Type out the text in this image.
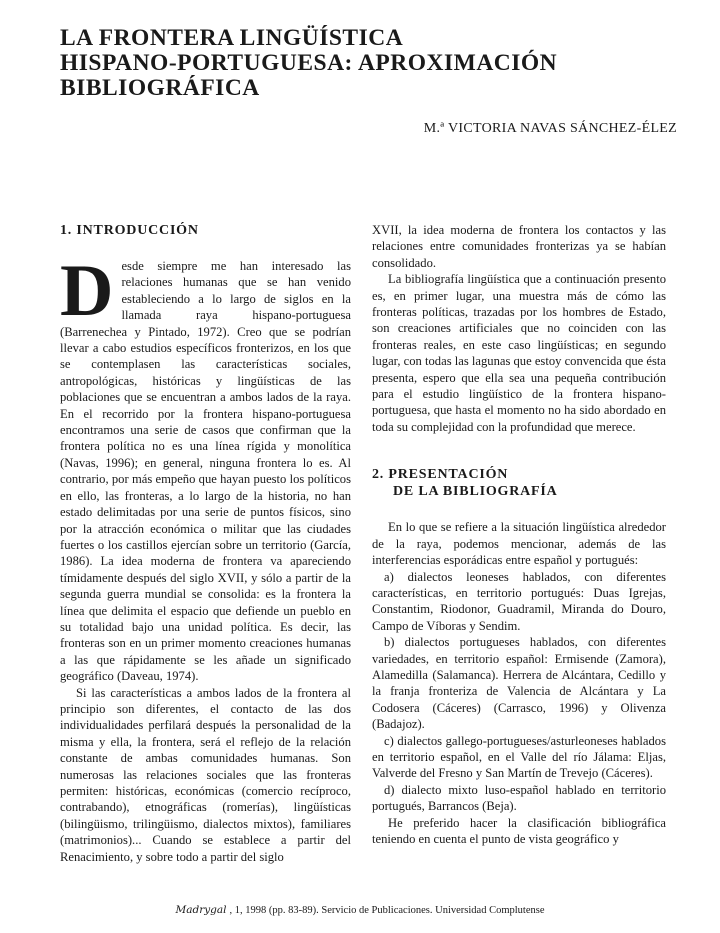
LA FRONTERA LINGÜÍSTICA
HISPANO-PORTUGUESA: APROXIMACIÓN
BIBLIOGRÁFICA
M.ª VICTORIA NAVAS SÁNCHEZ-ÉLEZ
1. INTRODUCCIÓN

Desde siempre me han interesado las relaciones humanas que se han venido estableciendo a lo largo de siglos en la llamada raya hispano-portuguesa (Barrenechea y Pintado, 1972). Creo que se podrían llevar a cabo estudios específicos fronterizos, en los que se contemplasen las características sociales, antropológicas, históricas y lingüísticas de las poblaciones que se encuentran a ambos lados de la raya. En el recorrido por la frontera hispano-portuguesa encontramos una serie de casos que confirman que la frontera política no es una línea rígida y monolítica (Navas, 1996); en general, ninguna frontera lo es. Al contrario, por más empeño que hayan puesto los políticos en ello, las fronteras, a lo largo de la historia, no han estado delimitadas por una serie de puntos físicos, sino por la atracción económica o militar que las ciudades fuertes o los castillos ejercían sobre un territorio (García, 1986). La idea moderna de frontera va apareciendo tímidamente después del siglo XVII, y sólo a partir de la segunda guerra mundial se consolida: es la frontera la línea que delimita el espacio que defiende un pueblo en su totalidad bajo una unidad política. Es decir, las fronteras son en un primer momento creaciones humanas a las que rápidamente se les añade un significado geográfico (Daveau, 1974).

Si las características a ambos lados de la frontera al principio son diferentes, el contacto de las dos individualidades perfilará después la personalidad de la misma y ella, la frontera, será el reflejo de la relación constante de ambas comunidades humanas. Son numerosas las relaciones sociales que las fronteras permiten: históricas, económicas (comercio recíproco, contrabando), etnográficas (romerías), lingüísticas (bilingüismo, trilingüismo, dialectos mixtos), familiares (matrimonios)... Cuando se establece a partir del Renacimiento, y sobre todo a partir del siglo

XVII, la idea moderna de frontera los contactos y las relaciones entre comunidades fronterizas ya se habían consolidado.

La bibliografía lingüística que a continuación presento es, en primer lugar, una muestra más de cómo las fronteras políticas, trazadas por los hombres de Estado, son creaciones artificiales que no coinciden con las fronteras reales, en este caso lingüísticas; en segundo lugar, con todas las lagunas que estoy convencida que ésta presenta, espero que ella sea una pequeña contribución para el estudio lingüístico de la frontera hispano-portuguesa, que hasta el momento no ha sido abordado en toda su complejidad con la profundidad que merece.

2. PRESENTACIÓN
DE LA BIBLIOGRAFÍA

En lo que se refiere a la situación lingüística alrededor de la raya, podemos mencionar, además de las interferencias esporádicas entre español y portugués:

a) dialectos leoneses hablados, con diferentes características, en territorio portugués: Duas Igrejas, Constantim, Riodonor, Guadramil, Miranda do Douro, Campo de Víboras y Sendim.

b) dialectos portugueses hablados, con diferentes variedades, en territorio español: Ermisende (Zamora), Alamedilla (Salamanca). Herrera de Alcántara, Cedillo y la franja fronteriza de Valencia de Alcántara y La Codosera (Cáceres) (Carrasco, 1996) y Olivenza (Badajoz).

c) dialectos gallego-portugueses/asturleoneses hablados en territorio español, en el Valle del río Jálama: Eljas, Valverde del Fresno y San Martín de Trevejo (Cáceres).

d) dialecto mixto luso-español hablado en territorio portugués, Barrancos (Beja).

He preferido hacer la clasificación bibliográfica teniendo en cuenta el punto de vista geográfico y

Madrygal , 1, 1998 (pp. 83-89). Servicio de Publicaciones. Universidad Complutense
